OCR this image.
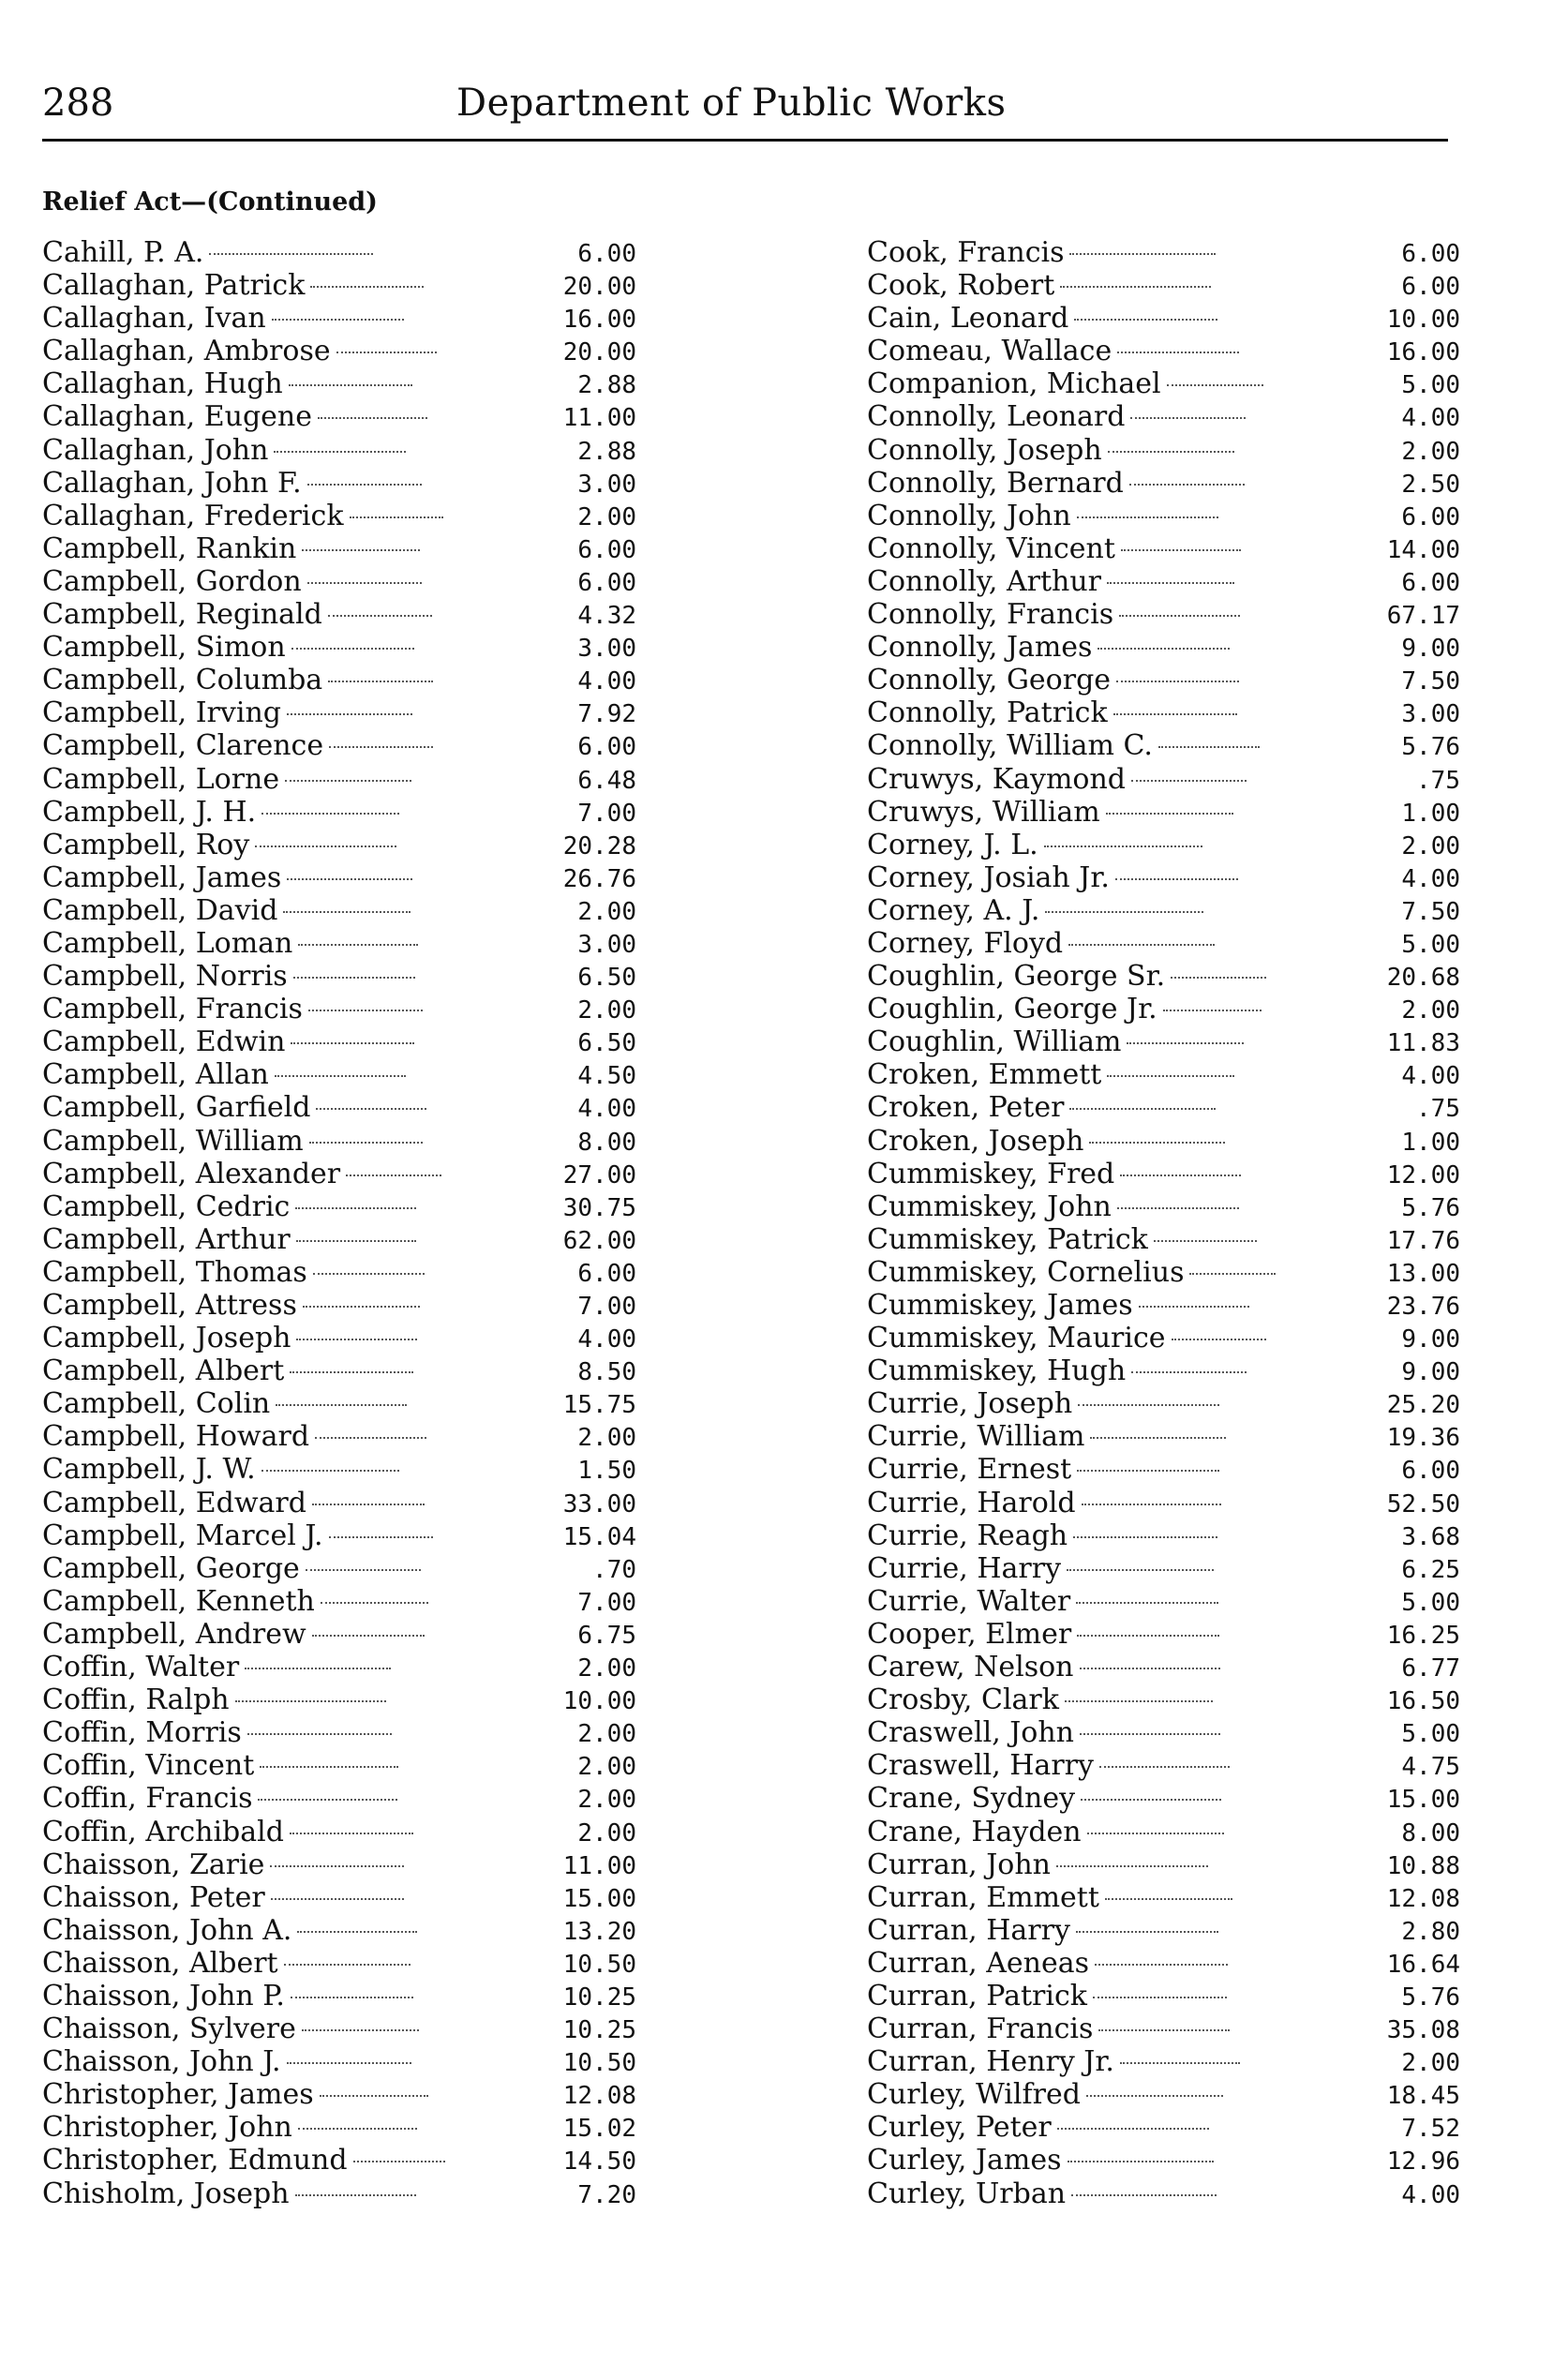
288	Department of Public Works
Relief Act—(Continued)
Cahill, P. A.	6.00
Callaghan, Patrick	20.00
Callaghan, Ivan	16.00
Callaghan, Ambrose	20.00
Callaghan, Hugh	2.88
Callaghan, Eugene	11.00
Callaghan, John	2.88
Callaghan, John F.	3.00
Callaghan, Frederick	2.00
Campbell, Rankin	6.00
Campbell, Gordon	6.00
Campbell, Reginald	4.32
Campbell, Simon	3.00
Campbell, Columba	4.00
Campbell, Irving	7.92
Campbell, Clarence	6.00
Campbell, Lorne	6.48
Campbell, J. H.	7.00
Campbell, Roy	20.28
Campbell, James	26.76
Campbell, David	2.00
Campbell, Loman	3.00
Campbell, Norris	6.50
Campbell, Francis	2.00
Campbell, Edwin	6.50
Campbell, Allan	4.50
Campbell, Garfield	4.00
Campbell, William	8.00
Campbell, Alexander	27.00
Campbell, Cedric	30.75
Campbell, Arthur	62.00
Campbell, Thomas	6.00
Campbell, Attress	7.00
Campbell, Joseph	4.00
Campbell, Albert	8.50
Campbell, Colin	15.75
Campbell, Howard	2.00
Campbell, J. W.	1.50
Campbell, Edward	33.00
Campbell, Marcel J.	15.04
Campbell, George	.70
Campbell, Kenneth	7.00
Campbell, Andrew	6.75
Coffin, Walter	2.00
Coffin, Ralph	10.00
Coffin, Morris	2.00
Coffin, Vincent	2.00
Coffin, Francis	2.00
Coffin, Archibald	2.00
Chaisson, Zarie	11.00
Chaisson, Peter	15.00
Chaisson, John A.	13.20
Chaisson, Albert	10.50
Chaisson, John P.	10.25
Chaisson, Sylvere	10.25
Chaisson, John J.	10.50
Christopher, James	12.08
Christopher, John	15.02
Christopher, Edmund	14.50
Chisholm, Joseph	7.20
Cook, Francis	6.00
Cook, Robert	6.00
Cain, Leonard	10.00
Comeau, Wallace	16.00
Companion, Michael	5.00
Connolly, Leonard	4.00
Connolly, Joseph	2.00
Connolly, Bernard	2.50
Connolly, John	6.00
Connolly, Vincent	14.00
Connolly, Arthur	6.00
Connolly, Francis	67.17
Connolly, James	9.00
Connolly, George	7.50
Connolly, Patrick	3.00
Connolly, William C.	5.76
Cruwys, Kaymond	.75
Cruwys, William	1.00
Corney, J. L.	2.00
Corney, Josiah Jr.	4.00
Corney, A. J.	7.50
Corney, Floyd	5.00
Coughlin, George Sr.	20.68
Coughlin, George Jr.	2.00
Coughlin, William	11.83
Croken, Emmett	4.00
Croken, Peter	.75
Croken, Joseph	1.00
Cummiskey, Fred	12.00
Cummiskey, John	5.76
Cummiskey, Patrick	17.76
Cummiskey, Cornelius	13.00
Cummiskey, James	23.76
Cummiskey, Maurice	9.00
Cummiskey, Hugh	9.00
Currie, Joseph	25.20
Currie, William	19.36
Currie, Ernest	6.00
Currie, Harold	52.50
Currie, Reagh	3.68
Currie, Harry	6.25
Currie, Walter	5.00
Cooper, Elmer	16.25
Carew, Nelson	6.77
Crosby, Clark	16.50
Craswell, John	5.00
Craswell, Harry	4.75
Crane, Sydney	15.00
Crane, Hayden	8.00
Curran, John	10.88
Curran, Emmett	12.08
Curran, Harry	2.80
Curran, Aeneas	16.64
Curran, Patrick	5.76
Curran, Francis	35.08
Curran, Henry Jr.	2.00
Curley, Wilfred	18.45
Curley, Peter	7.52
Curley, James	12.96
Curley, Urban	4.00
